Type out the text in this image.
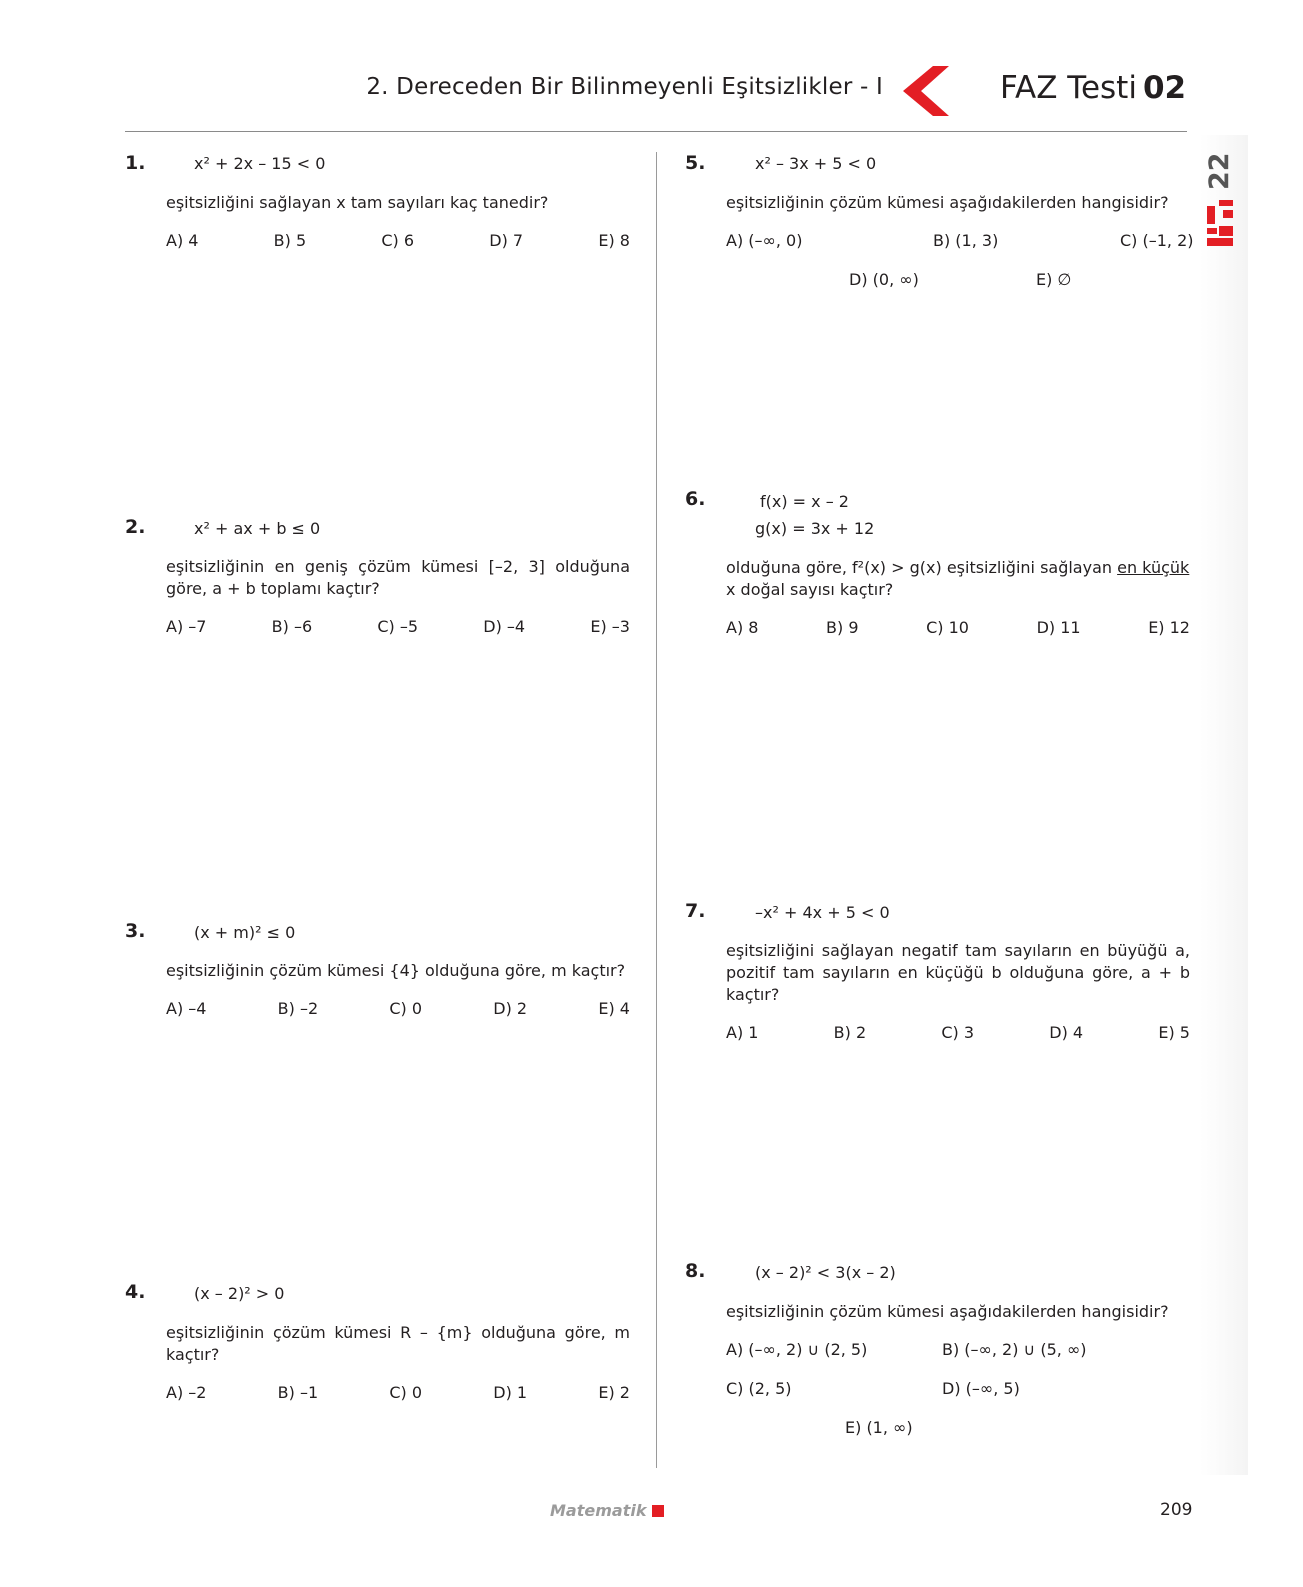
2. Dereceden Bir Bilinmeyenli Eşitsizlikler - I	FAZ Testi 02
22
1.	x² + 2x – 15 < 0
eşitsizliğini sağlayan x tam sayıları kaç tanedir?
A) 4	B) 5	C) 6	D) 7	E) 8
2.	x² + ax + b ≤ 0
eşitsizliğinin en geniş çözüm kümesi [–2, 3] olduğuna göre, a + b toplamı kaçtır?
A) –7	B) –6	C) –5	D) –4	E) –3
3.	(x + m)² ≤ 0
eşitsizliğinin çözüm kümesi {4} olduğuna göre, m kaçtır?
A) –4	B) –2	C) 0	D) 2	E) 4
4.	(x – 2)² > 0
eşitsizliğinin çözüm kümesi R – {m} olduğuna göre, m kaçtır?
A) –2	B) –1	C) 0	D) 1	E) 2
5.	x² – 3x + 5 < 0
eşitsizliğinin çözüm kümesi aşağıdakilerden hangisidir?
A) (–∞, 0)	B) (1, 3)	C) (–1, 2)
D) (0, ∞)	E) ∅
6.	f(x) = x – 2
g(x) = 3x + 12
olduğuna göre, f²(x) > g(x) eşitsizliğini sağlayan en küçük
x doğal sayısı kaçtır?
A) 8	B) 9	C) 10	D) 11	E) 12
7.	–x² + 4x + 5 < 0
eşitsizliğini sağlayan negatif tam sayıların en büyüğü a, pozitif tam sayıların en küçüğü b olduğuna göre, a + b kaçtır?
A) 1	B) 2	C) 3	D) 4	E) 5
8.	(x – 2)² < 3(x – 2)
eşitsizliğinin çözüm kümesi aşağıdakilerden hangisidir?
A) (–∞, 2) ∪ (2, 5)	B) (–∞, 2) ∪ (5, ∞)
C) (2, 5)	D) (–∞, 5)
E) (1, ∞)
Matematik	209
